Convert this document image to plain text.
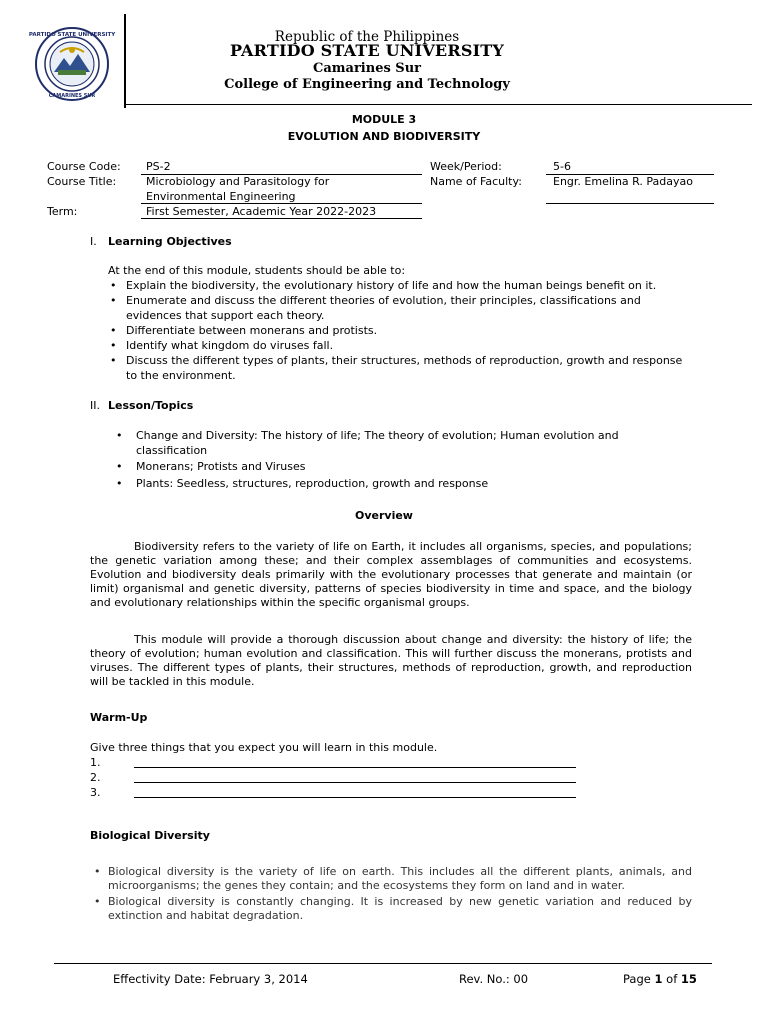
PARTIDO STATE UNIVERSITY
CAMARINES SUR
Republic of the Philippines
PARTIDO STATE UNIVERSITY
Camarines Sur
College of Engineering and Technology
MODULE 3
EVOLUTION AND BIODIVERSITY
Course Code: PS-2
Course Title:	Microbiology and Parasitology for
Environmental Engineering
Term:	First Semester, Academic Year 2022-2023
Week/Period:	5-6
Name of Faculty:	Engr. Emelina R. Padayao
I. Learning Objectives
At the end of this module, students should be able to:
• Explain the biodiversity, the evolutionary history of life and how the human beings benefit on it.
• Enumerate and discuss the different theories of evolution, their principles, classifications and
evidences that support each theory.
• Differentiate between monerans and protists.
• Identify what kingdom do viruses fall.
• Discuss the different types of plants, their structures, methods of reproduction, growth and response
to the environment.
II. Lesson/Topics
• Change and Diversity: The history of life; The theory of evolution; Human evolution and
classification
• Monerans; Protists and Viruses
• Plants: Seedless, structures, reproduction, growth and response
Overview

Biodiversity refers to the variety of life on Earth, it includes all organisms, species, and populations; the genetic variation among these; and their complex assemblages of communities and ecosystems. Evolution and biodiversity deals primarily with the evolutionary processes that generate and maintain (or limit) organismal and genetic diversity, patterns of species biodiversity in time and space, and the biology and evolutionary relationships within the specific organismal groups.

This module will provide a thorough discussion about change and diversity: the history of life; the theory of evolution; human evolution and classification. This will further discuss the monerans, protists and viruses. The different types of plants, their structures, methods of reproduction, growth, and reproduction will be tackled in this module.

Warm-Up
Give three things that you expect you will learn in this module.
1.
2.
3.
Biological Diversity
• Biological diversity is the variety of life on earth. This includes all the different plants, animals, and microorganisms; the genes they contain; and the ecosystems they form on land and in water.

• Biological diversity is constantly changing. It is increased by new genetic variation and reduced by extinction and habitat degradation.

Effectivity Date: February 3, 2014	Rev. No.: 00	Page 1 of 15
